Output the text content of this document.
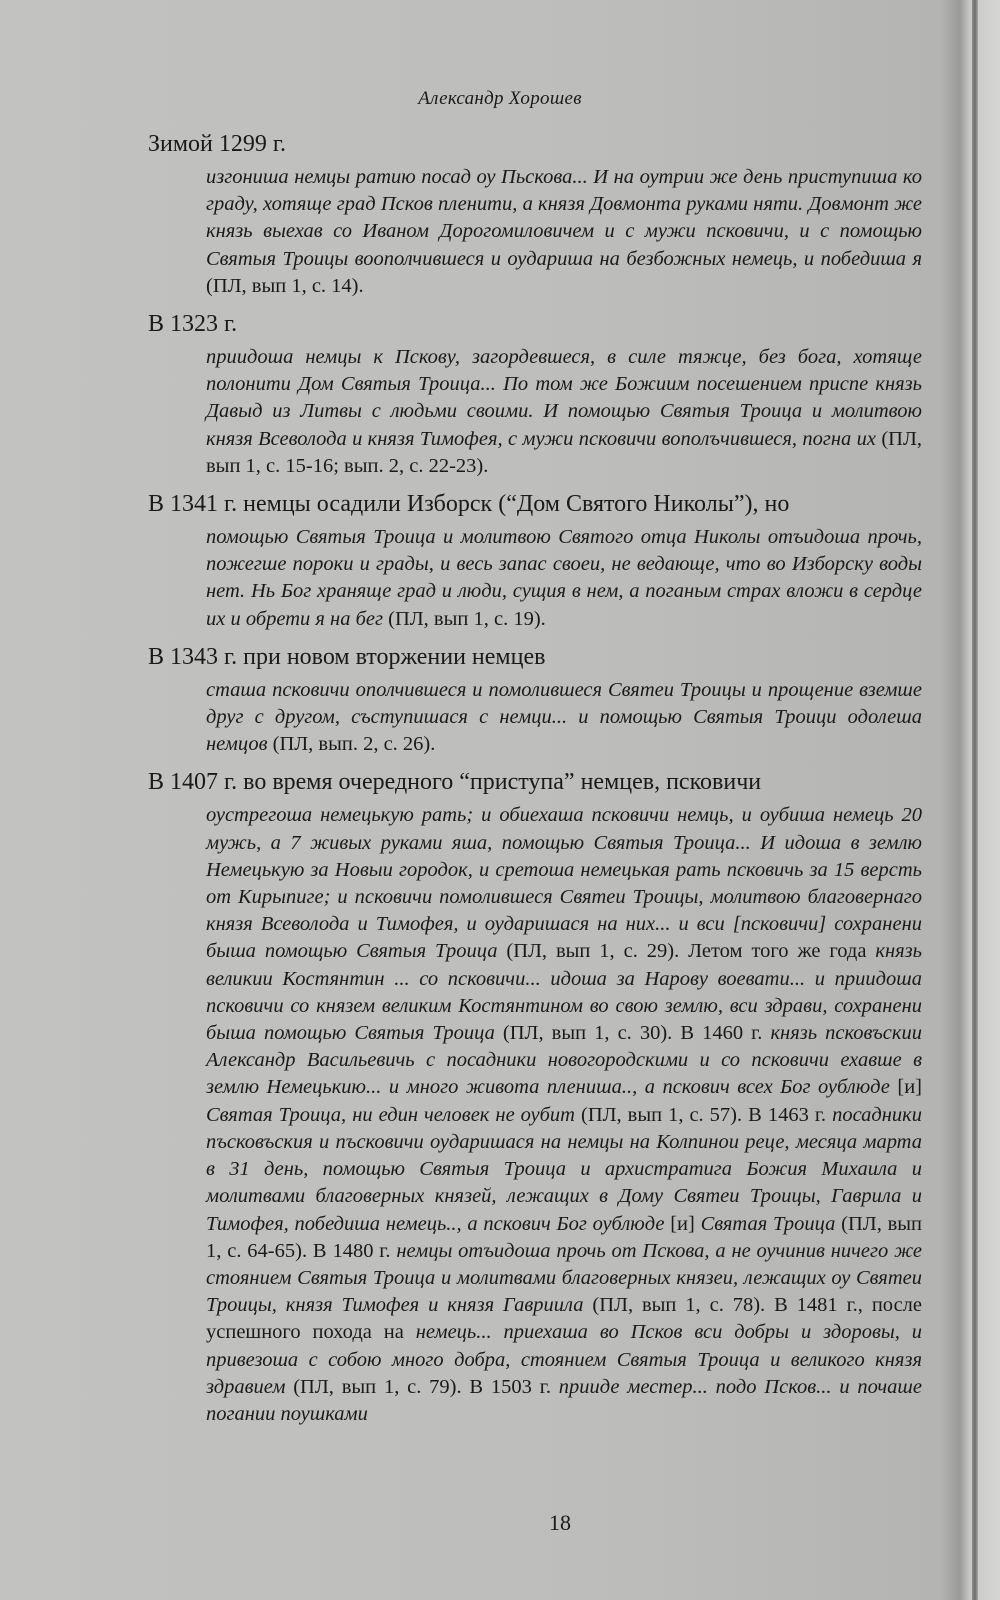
Александр Хорошев
Зимой 1299 г.
изгониша немцы ратию посад оу Пьскова... И на оутрии же день приступиша ко граду, хотяще град Псков пленити, а князя Довмонта руками няти. Довмонт же князь выехав со Иваном Дорогомиловичем и с мужи псковичи, и с помощью Святыя Троицы воополчившеся и оудариша на безбожных немець, и победиша я (ПЛ, вып 1, с. 14).
В 1323 г.
приидоша немцы к Пскову, загордевшеся, в силе тяжце, без бога, хотяще полонити Дом Святыя Троица... По том же Божиим посешением приспе князь Давыд из Литвы с людьми своими. И помощью Святыя Троица и молитвою князя Всеволода и князя Тимофея, с мужи псковичи вополъчившеся, погна их (ПЛ, вып 1, с. 15-16; вып. 2, с. 22-23).
В 1341 г. немцы осадили Изборск (“Дом Святого Николы”), но
помощью Святыя Троица и молитвою Святого отца Николы отъидоша прочь, пожегше пороки и грады, и весь запас своеи, не ведающе, что во Изборску воды нет. Нь Бог храняще град и люди, сущия в нем, а поганым страх вложи в сердце их и обрети я на бег (ПЛ, вып 1, с. 19).
В 1343 г. при новом вторжении немцев
сташа псковичи ополчившеся и помолившеся Святеи Троицы и прощение вземше друг с другом, съступишася с немци... и помощью Святыя Троици одолеша немцов (ПЛ, вып. 2, с. 26).
В 1407 г. во время очередного “приступа” немцев, псковичи
оустрегоша немецькую рать; и обиехаша псковичи немць, и оубиша немець 20 мужь, а 7 живых руками яша, помощью Святыя Троица... И идоша в землю Немецькую за Новыи городок, и сретоша немецькая рать псковичь за 15 версть от Кирыпиге; и псковичи помолившеся Святеи Троицы, молитвою благовернаго князя Всеволода и Тимофея, и оударишася на них... и вси [псковичи] сохранени быша помощью Святыя Троица (ПЛ, вып 1, с. 29). Летом того же года князь великии Костянтин ... со псковичи... идоша за Нарову воевати... и приидоша псковичи со князем великим Костянтином во свою землю, вси здрави, сохранени быша помощью Святыя Троица (ПЛ, вып 1, с. 30). В 1460 г. князь псковъскии Александр Васильевичь с посадники новогородскими и со псковичи ехавше в землю Немецькию... и много живота плениша.., а пскович всех Бог оублюде [и] Святая Троица, ни един человек не оубит (ПЛ, вып 1, с. 57). В 1463 г. посадники пъсковъския и пъсковичи оударишася на немцы на Колпинои реце, месяца марта в 31 день, помощью Святыя Троица и архистратига Божия Михаила и молитвами благоверных князей, лежащих в Дому Святеи Троицы, Гаврила и Тимофея, победиша немець.., а пскович Бог оублюде [и] Святая Троица (ПЛ, вып 1, с. 64-65). В 1480 г. немцы отъидоша прочь от Пскова, а не оучинив ничего же стоянием Святыя Троица и молитвами благоверных князеи, лежащих оу Святеи Троицы, князя Тимофея и князя Гавриила (ПЛ, вып 1, с. 78). В 1481 г., после успешного похода на немець... приехаша во Псков вси добры и здоровы, и привезоша с собою много добра, стоянием Святыя Троица и великого князя здравием (ПЛ, вып 1, с. 79). В 1503 г. прииде местер... подо Псков... и почаше погании поушками
18
